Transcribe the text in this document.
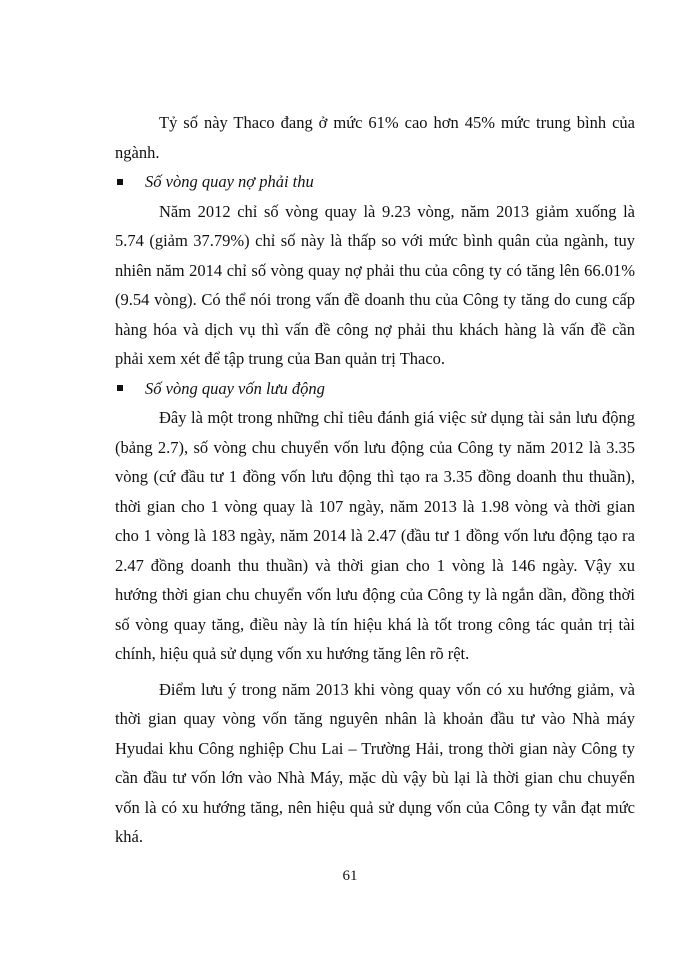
Tỷ số này Thaco đang ở mức 61% cao hơn 45% mức trung bình của ngành.

Số vòng quay nợ phải thu

Năm 2012 chỉ số vòng quay là 9.23 vòng, năm 2013 giảm xuống là 5.74 (giảm 37.79%) chỉ số này là thấp so với mức bình quân của ngành, tuy nhiên năm 2014 chỉ số vòng quay nợ phải thu của công ty có tăng lên 66.01% (9.54 vòng). Có thể nói trong vấn đề doanh thu của Công ty tăng do cung cấp hàng hóa và dịch vụ thì vấn đề công nợ phải thu khách hàng là vấn đề cần phải xem xét để tập trung của Ban quản trị Thaco.

Số vòng quay vốn lưu động

Đây là một trong những chỉ tiêu đánh giá việc sử dụng tài sản lưu động (bảng 2.7), số vòng chu chuyển vốn lưu động của Công ty năm 2012 là 3.35 vòng (cứ đầu tư 1 đồng vốn lưu động thì tạo ra 3.35 đồng doanh thu thuần), thời gian cho 1 vòng quay là 107 ngày, năm 2013 là 1.98 vòng và thời gian cho 1 vòng là 183 ngày, năm 2014 là 2.47 (đầu tư 1 đồng vốn lưu động tạo ra 2.47 đồng doanh thu thuần) và thời gian cho 1 vòng là 146 ngày. Vậy xu hướng thời gian chu chuyển vốn lưu động của Công ty là ngắn dần, đồng thời số vòng quay tăng, điều này là tín hiệu khá là tốt trong công tác quản trị tài chính, hiệu quả sử dụng vốn xu hướng tăng lên rõ rệt.

Điểm lưu ý trong năm 2013 khi vòng quay vốn có xu hướng giảm, và thời gian quay vòng vốn tăng nguyên nhân là khoản đầu tư vào Nhà máy Hyudai khu Công nghiệp Chu Lai – Trường Hải, trong thời gian này Công ty cần đầu tư vốn lớn vào Nhà Máy, mặc dù vậy bù lại là thời gian chu chuyển vốn là có xu hướng tăng, nên hiệu quả sử dụng vốn của Công ty vẫn đạt mức khá.

61
